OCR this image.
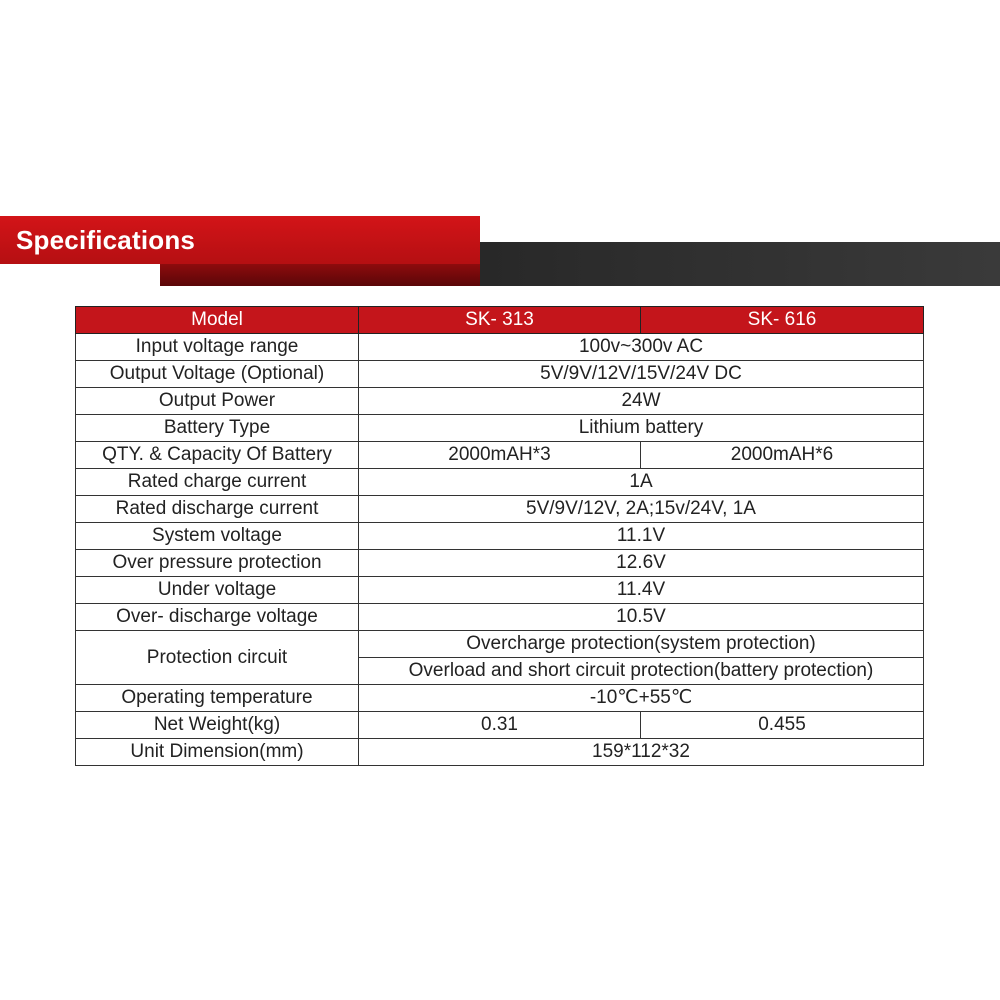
Specifications
Model	SK- 313	SK- 616
Input voltage range	100v~300v AC	
Output Voltage (Optional)	5V/9V/12V/15V/24V DC	
Output Power	24W	
Battery Type	Lithium battery	
QTY. & Capacity Of Battery	2000mAH*3	2000mAH*6
Rated charge current	1A	
Rated discharge current	5V/9V/12V, 2A;15v/24V, 1A	
System voltage	11.1V	
Over pressure protection	12.6V	
Under voltage	11.4V	
Over- discharge voltage	10.5V	
Protection circuit	Overcharge protection(system protection)	
	Overload and short circuit protection(battery protection)	
Operating temperature	-10℃+55℃	
Net Weight(kg)	0.31	0.455
Unit Dimension(mm)	159*112*32	
